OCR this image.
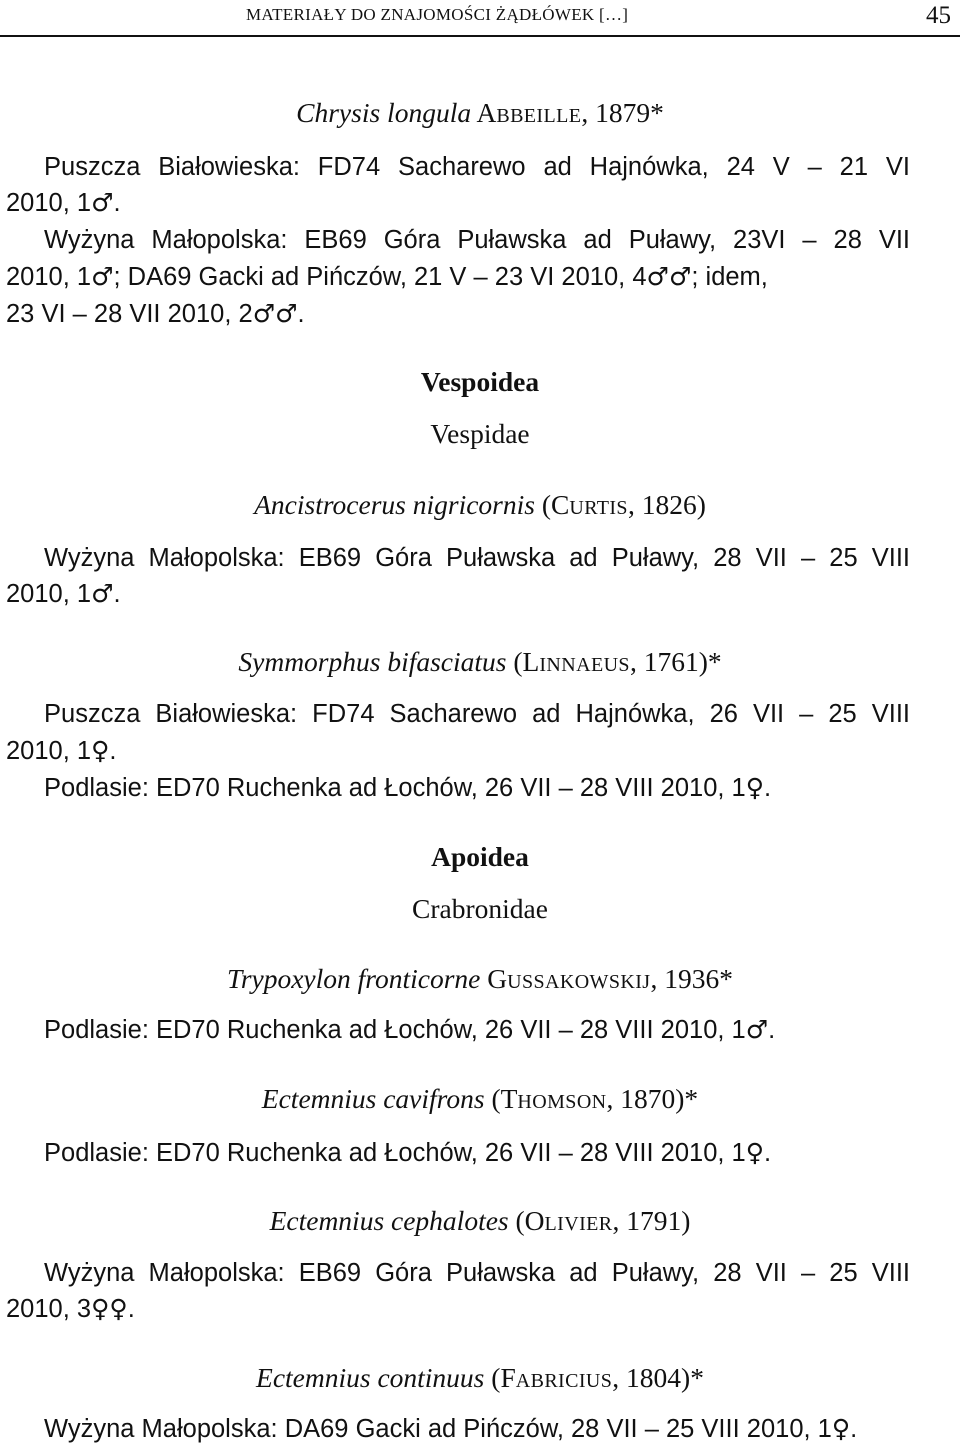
MATERIAŁY DO ZNAJOMOŚCI ŻĄDŁÓWEK […]	45
Chrysis longula ABBEILLE, 1879*
Puszcza Białowieska: FD74 Sacharewo ad Hajnówka, 24 V – 21 VI
2010, 1♂.
Wyżyna Małopolska: EB69 Góra Puławska ad Puławy, 23VI – 28 VII
2010, 1♂; DA69 Gacki ad Pińczów, 21 V – 23 VI 2010, 4♂♂; idem,
23 VI – 28 VII 2010, 2♂♂.
Vespoidea
Vespidae
Ancistrocerus nigricornis (CURTIS, 1826)
Wyżyna Małopolska: EB69 Góra Puławska ad Puławy, 28 VII – 25 VIII
2010, 1♂.
Symmorphus bifasciatus (LINNAEUS, 1761)*
Puszcza Białowieska: FD74 Sacharewo ad Hajnówka, 26 VII – 25 VIII
2010, 1♀.
Podlasie: ED70 Ruchenka ad Łochów, 26 VII – 28 VIII 2010, 1♀.
Apoidea
Crabronidae
Trypoxylon fronticorne GUSSAKOWSKIJ, 1936*
Podlasie: ED70 Ruchenka ad Łochów, 26 VII – 28 VIII 2010, 1♂.
Ectemnius cavifrons (THOMSON, 1870)*
Podlasie: ED70 Ruchenka ad Łochów, 26 VII – 28 VIII 2010, 1♀.
Ectemnius cephalotes (OLIVIER, 1791)
Wyżyna Małopolska: EB69 Góra Puławska ad Puławy, 28 VII – 25 VIII
2010, 3♀♀.
Ectemnius continuus (FABRICIUS, 1804)*
Wyżyna Małopolska: DA69 Gacki ad Pińczów, 28 VII – 25 VIII 2010, 1♀.
